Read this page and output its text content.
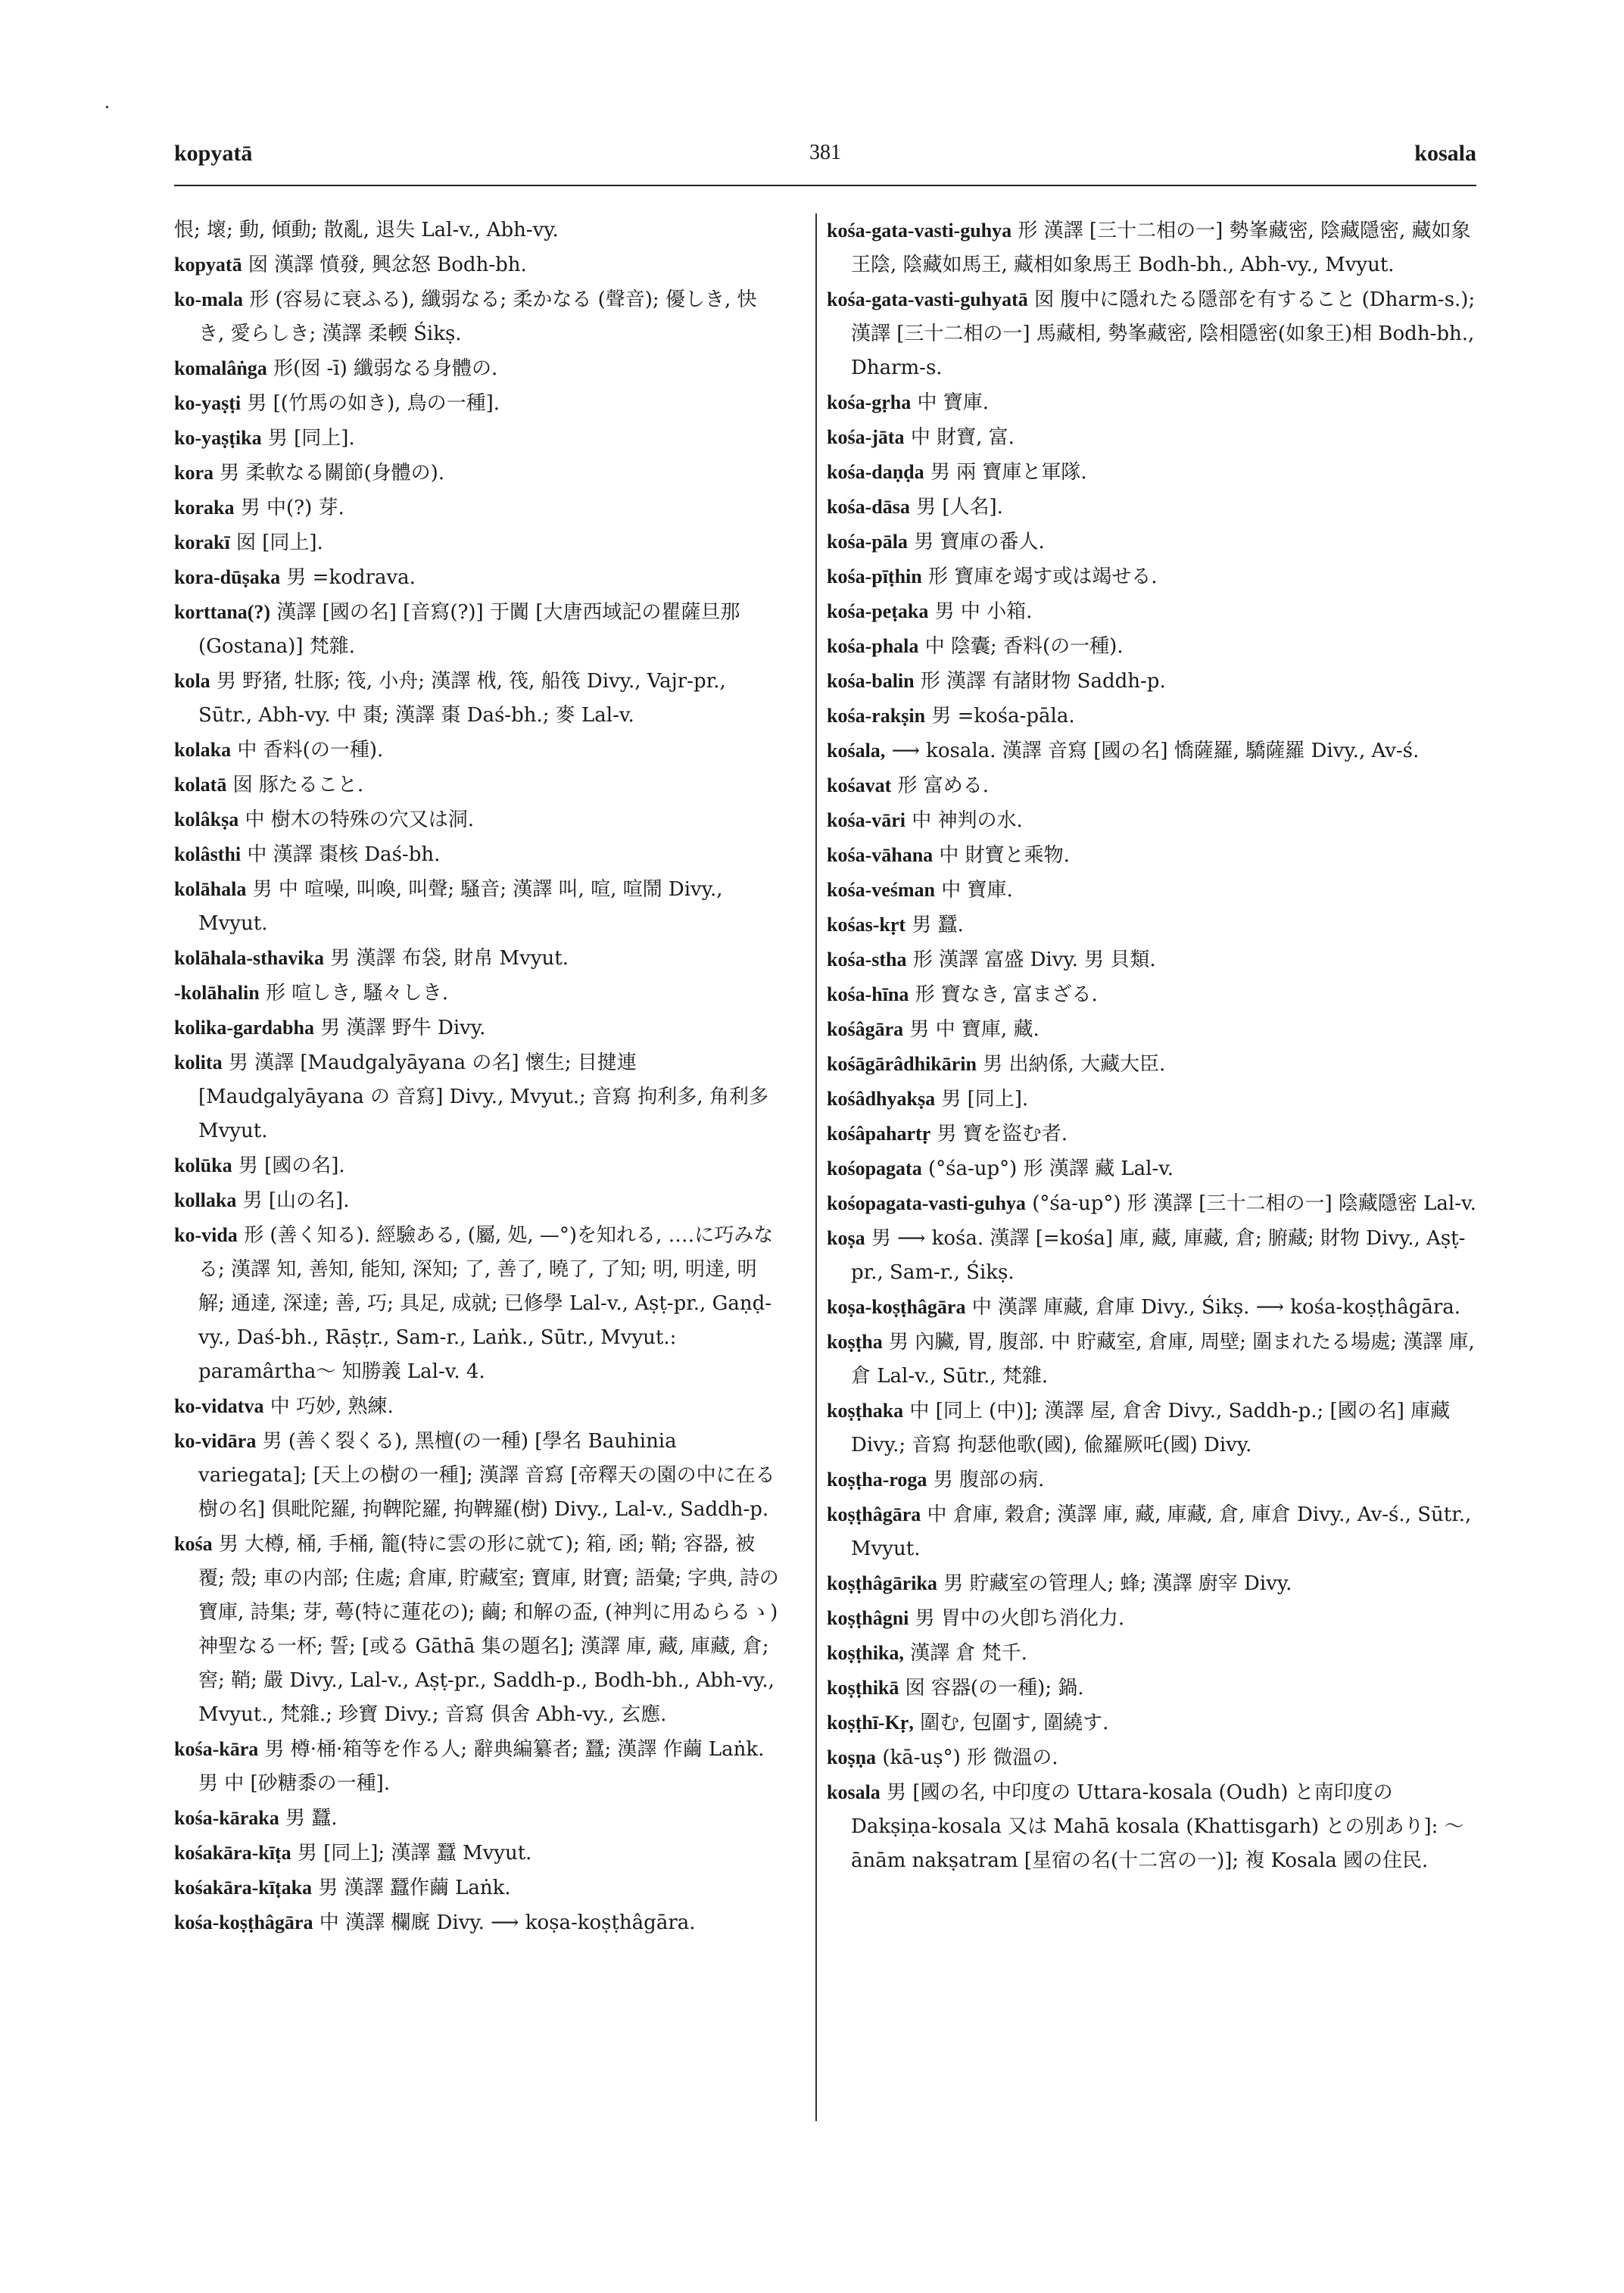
kopyatā	381	kosala

恨; 壞; 動, 傾動; 散亂, 退失 Lal-v., Abh-vy.

kopyatā 囡 漢譯 憤發, 興忿怒 Bodh-bh.

ko-mala 形 (容易に衰ふる), 纖弱なる; 柔かなる (聲音); 優しき, 快き, 愛らしき; 漢譯 柔輭 Śikṣ.

komalâṅga 形(囡 -ī) 纖弱なる身體の.

ko-yaṣṭi 男 [(竹馬の如き), 鳥の一種].

ko-yaṣṭika 男 [同上].

kora 男 柔軟なる關節(身體の).

koraka 男 中(?) 芽.

korakī 囡 [同上].

kora-dūṣaka 男 =kodrava.

korttana(?) 漢譯 [國の名] [音寫(?)] 于闐 [大唐西域記の瞿薩旦那 (Gostana)] 梵雜.

kola 男 野猪, 牡豚; 筏, 小舟; 漢譯 栰, 筏, 船筏 Divy., Vajr-pr., Sūtr., Abh-vy. 中 棗; 漢譯 棗 Daś-bh.; 麥 Lal-v.

kolaka 中 香料(の一種).

kolatā 囡 豚たること.

kolâkṣa 中 樹木の特殊の穴又は洞.

kolâsthi 中 漢譯 棗核 Daś-bh.

kolāhala 男 中 喧噪, 叫喚, 叫聲; 騷音; 漢譯 叫, 喧, 喧鬧 Divy., Mvyut.

kolāhala-sthavika 男 漢譯 布袋, 財帛 Mvyut.

-kolāhalin 形 喧しき, 騷々しき.

kolika-gardabha 男 漢譯 野牛 Divy.

kolita 男 漢譯 [Maudgalyāyana の名] 懷生; 目揵連 [Maudgalyāyana の 音寫] Divy., Mvyut.; 音寫 拘利多, 角利多 Mvyut.

kolūka 男 [國の名].

kollaka 男 [山の名].

ko-vida 形 (善く知る). 經驗ある, (屬, 処, —°)を知れる, ‥‥に巧みなる; 漢譯 知, 善知, 能知, 深知; 了, 善了, 曉了, 了知; 明, 明達, 明解; 通達, 深達; 善, 巧; 具足, 成就; 已修學 Lal-v., Aṣṭ-pr., Gaṇḍ-vy., Daś-bh., Rāṣṭr., Sam-r., Laṅk., Sūtr., Mvyut.: paramârtha〜 知勝義 Lal-v. 4.

ko-vidatva 中 巧妙, 熟練.

ko-vidāra 男 (善く裂くる), 黑檀(の一種) [學名 Bauhinia variegata]; [天上の樹の一種]; 漢譯 音寫 [帝釋天の園の中に在る樹の名] 俱毗陀羅, 拘鞞陀羅, 拘鞞羅(樹) Divy., Lal-v., Saddh-p.

kośa 男 大樽, 桶, 手桶, 籠(特に雲の形に就て); 箱, 函; 鞘; 容器, 被覆; 殼; 車の内部; 住處; 倉庫, 貯藏室; 寶庫, 財寶; 語彙; 字典, 詩の寶庫, 詩集; 芽, 蕚(特に蓮花の); 繭; 和解の盃, (神判に用ゐらるゝ) 神聖なる一杯; 誓; [或る Gāthā 集の題名]; 漢譯 庫, 藏, 庫藏, 倉; 窖; 鞘; 嚴 Divy., Lal-v., Aṣṭ-pr., Saddh-p., Bodh-bh., Abh-vy., Mvyut., 梵雜.; 珍寶 Divy.; 音寫 俱舍 Abh-vy., 玄應.

kośa-kāra 男 樽·桶·箱等を作る人; 辭典編纂者; 蠶; 漢譯 作繭 Laṅk. 男 中 [砂糖黍の一種].

kośa-kāraka 男 蠶.

kośakāra-kīṭa 男 [同上]; 漢譯 蠶 Mvyut.

kośakāra-kīṭaka 男 漢譯 蠶作繭 Laṅk.

kośa-koṣṭhâgāra 中 漢譯 欄廐 Divy. ⟶ koṣa-koṣṭhâgāra.

kośa-gata-vasti-guhya 形 漢譯 [三十二相の一] 勢峯藏密, 陰藏隱密, 藏如象王陰, 陰藏如馬王, 藏相如象馬王 Bodh-bh., Abh-vy., Mvyut.

kośa-gata-vasti-guhyatā 囡 腹中に隱れたる隱部を有すること (Dharm-s.); 漢譯 [三十二相の一] 馬藏相, 勢峯藏密, 陰相隱密(如象王)相 Bodh-bh., Dharm-s.

kośa-gṛha 中 寶庫.

kośa-jāta 中 財寶, 富.

kośa-daṇḍa 男 兩 寶庫と軍隊.

kośa-dāsa 男 [人名].

kośa-pāla 男 寶庫の番人.

kośa-pīṭhin 形 寶庫を竭す或は竭せる.

kośa-peṭaka 男 中 小箱.

kośa-phala 中 陰囊; 香料(の一種).

kośa-balin 形 漢譯 有諸財物 Saddh-p.

kośa-rakṣin 男 =kośa-pāla.

kośala, ⟶ kosala. 漢譯 音寫 [國の名] 憍薩羅, 驕薩羅 Divy., Av-ś.

kośavat 形 富める.

kośa-vāri 中 神判の水.

kośa-vāhana 中 財寶と乘物.

kośa-veśman 中 寶庫.

kośas-kṛt 男 蠶.

kośa-stha 形 漢譯 富盛 Divy. 男 貝類.

kośa-hīna 形 寶なき, 富まざる.

kośâgāra 男 中 寶庫, 藏.

kośāgārâdhikārin 男 出納係, 大藏大臣.

kośâdhyakṣa 男 [同上].

kośâpahartṛ 男 寶を盜む者.

kośopagata (°śa-up°) 形 漢譯 藏 Lal-v.

kośopagata-vasti-guhya (°śa-up°) 形 漢譯 [三十二相の一] 陰藏隱密 Lal-v.

koṣa 男 ⟶ kośa. 漢譯 [=kośa] 庫, 藏, 庫藏, 倉; 腑藏; 財物 Divy., Aṣṭ-pr., Sam-r., Śikṣ.

koṣa-koṣṭhâgāra 中 漢譯 庫藏, 倉庫 Divy., Śikṣ. ⟶ kośa-koṣṭhâgāra.

koṣṭha 男 內臟, 胃, 腹部. 中 貯藏室, 倉庫, 周壁; 圍まれたる場處; 漢譯 庫, 倉 Lal-v., Sūtr., 梵雜.

koṣṭhaka 中 [同上 (中)]; 漢譯 屋, 倉舍 Divy., Saddh-p.; [國の名] 庫藏 Divy.; 音寫 拘瑟他歌(國), 偸羅厥吒(國) Divy.

koṣṭha-roga 男 腹部の病.

koṣṭhâgāra 中 倉庫, 穀倉; 漢譯 庫, 藏, 庫藏, 倉, 庫倉 Divy., Av-ś., Sūtr., Mvyut.

koṣṭhâgārika 男 貯藏室の管理人; 蜂; 漢譯 廚宰 Divy.

koṣṭhâgni 男 胃中の火卽ち消化力.

koṣṭhika, 漢譯 倉 梵千.

koṣṭhikā 囡 容器(の一種); 鍋.

koṣṭhī-Kṛ, 圍む, 包圍す, 圍繞す.

koṣṇa (kā-uṣ°) 形 微溫の.

kosala 男 [國の名, 中印度の Uttara-kosala (Oudh) と南印度の Dakṣiṇa-kosala 又は Mahā kosala (Khattisgarh) との別あり]: 〜ānām nakṣatram [星宿の名(十二宮の一)]; 複 Kosala 國の住民.
